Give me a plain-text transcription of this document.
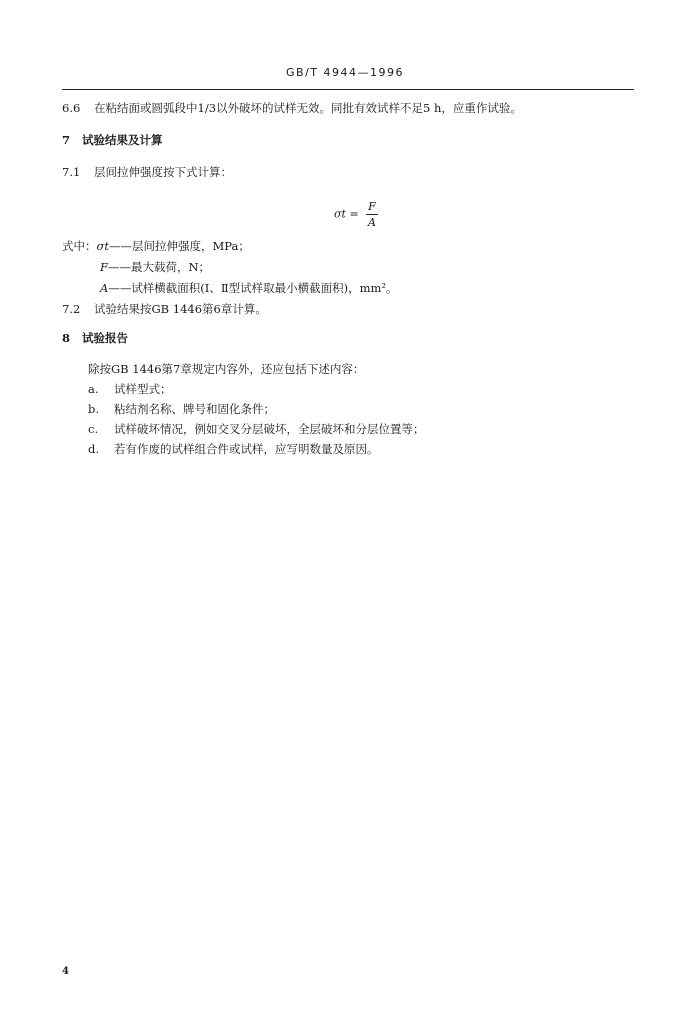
GB/T 4944—1996
6.6 在粘结面或圆弧段中1/3以外破坏的试样无效。同批有效试样不足5 h，应重作试验。
7 试验结果及计算
7.1 层间拉伸强度按下式计算：
$\sigma t = \frac{F}{A}$
式中：σt——层间拉伸强度，MPa；
F——最大载荷，N；
A——试样横截面积(Ⅰ、Ⅱ型试样取最小横截面积)，mm²。
7.2 试验结果按GB 1446第6章计算。
8 试验报告
除按GB 1446第7章规定内容外，还应包括下述内容：
a. 试样型式；
b. 粘结剂名称、牌号和固化条件；
c. 试样破坏情况，例如交叉分层破坏，全层破坏和分层位置等；
d. 若有作废的试样组合件或试样，应写明数量及原因。
4
